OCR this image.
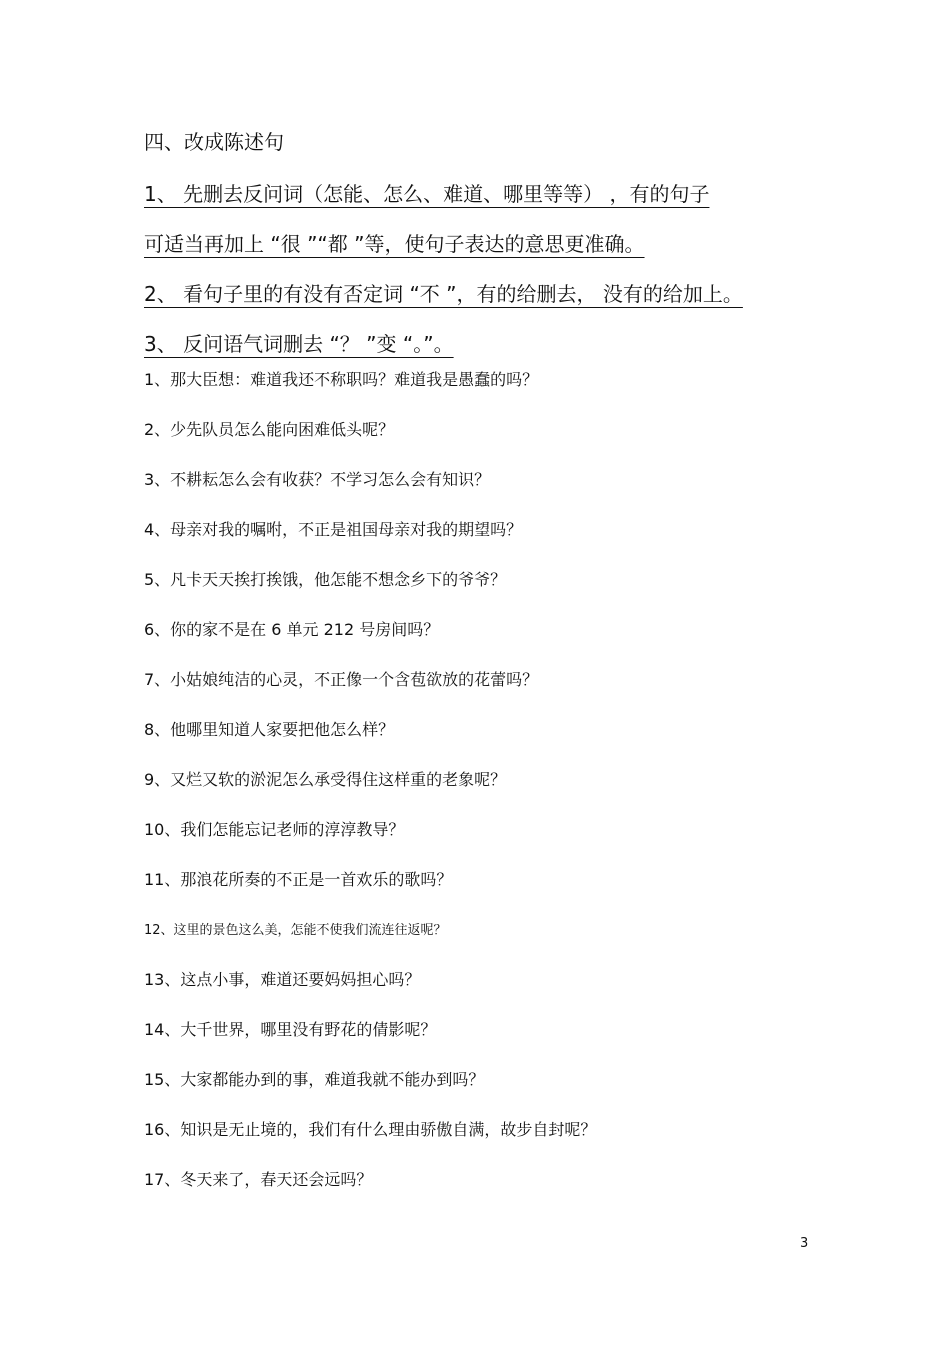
四、改成陈述句
1、 先删去反问词（怎能、怎么、难道、哪里等等） ，有的句子
可适当再加上 “很 ”“都 ”等，使句子表达的意思更准确。
2、 看句子里的有没有否定词 “不 ”，有的给删去， 没有的给加上。
3、 反问语气词删去 “？ ”变 “。”。
1、那大臣想：难道我还不称职吗？难道我是愚蠢的吗？
2、少先队员怎么能向困难低头呢？
3、不耕耘怎么会有收获？不学习怎么会有知识？
4、母亲对我的嘱咐，不正是祖国母亲对我的期望吗？
5、凡卡天天挨打挨饿，他怎能不想念乡下的爷爷？
6、你的家不是在 6 单元 212 号房间吗？
7、小姑娘纯洁的心灵，不正像一个含苞欲放的花蕾吗？
8、他哪里知道人家要把他怎么样？
9、又烂又软的淤泥怎么承受得住这样重的老象呢？
10、我们怎能忘记老师的淳淳教导？
11、那浪花所奏的不正是一首欢乐的歌吗？
12、这里的景色这么美，怎能不使我们流连往返呢？
13、这点小事，难道还要妈妈担心吗？
14、大千世界，哪里没有野花的倩影呢？
15、大家都能办到的事，难道我就不能办到吗？
16、知识是无止境的，我们有什么理由骄傲自满，故步自封呢？
17、冬天来了，春天还会远吗？
3
